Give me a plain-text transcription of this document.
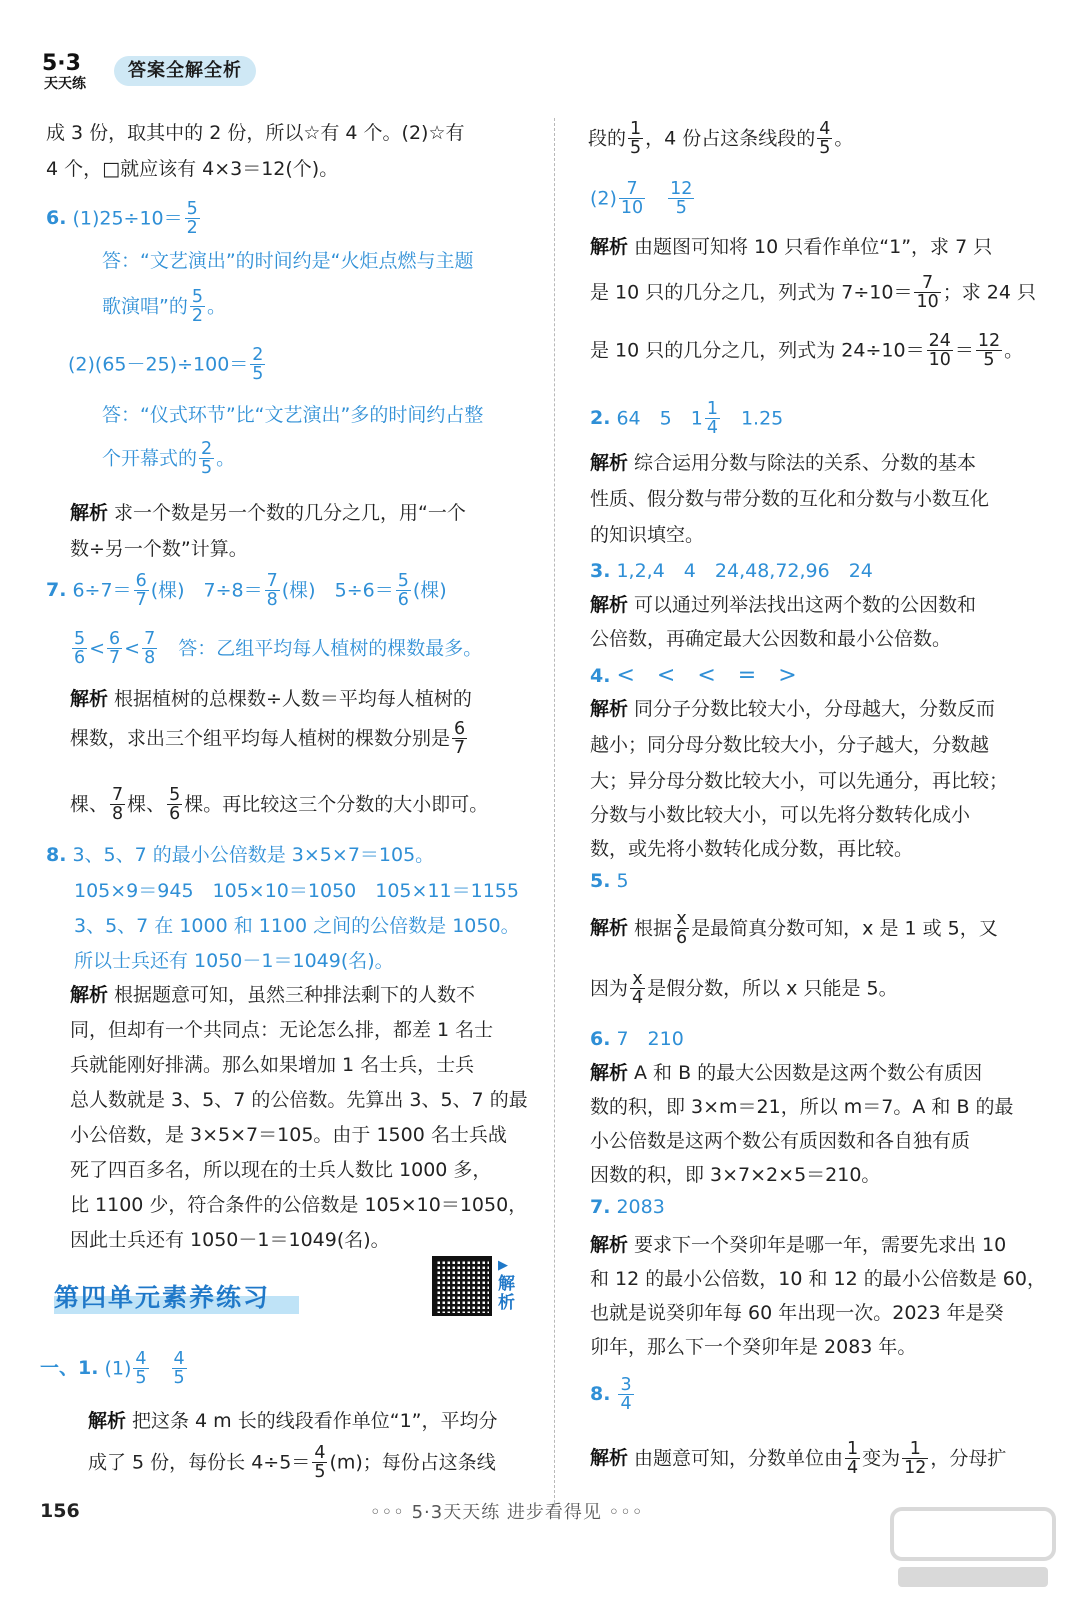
5·3
天天练
答案全解全析
成 3 份，取其中的 2 份，所以☆有 4 个。(2)☆有
4 个，□就应该有 4×3＝12(个)。
6. $(1)25\div 10= \frac{5}{2}$
答：“文艺演出”的时间约是“火炬点燃与主题
歌演唱”的 $\frac{5}{2}$ 。
$(2)(65-25)\div 100= \frac{2}{5}$
答：“仪式环节”比“文艺演出”多的时间约占整
个开幕式的 $\frac{2}{5}$ 。
解析 求一个数是另一个数的几分之几，用“一个
数÷另一个数”计算。
7. $6\div 7= \frac{6}{7}$ (棵)　 $7\div 8= \frac{7}{8}$ (棵)　 $5\div 6= \frac{5}{6}$ (棵)
$\frac{5}{6} < \frac{6}{7} < \frac{7}{8}$
　 答：乙组平均每人植树的棵数最多。
解析 根据植树的总棵数÷人数＝平均每人植树的
棵数，求出三个组平均每人植树的棵数分别是 $\frac{6}{7}$
棵、 $\frac{7}{8}$ 棵、 $\frac{5}{6}$ 棵。再比较这三个分数的大小即可。
8. 3、5、7 的最小公倍数是 3×5×7＝105。
105×9＝945　105×10＝1050　105×11＝1155
3、5、7 在 1000 和 1100 之间的公倍数是 1050。
所以士兵还有 1050－1＝1049(名)。
解析 根据题意可知，虽然三种排法剩下的人数不
同，但却有一个共同点：无论怎么排，都差 1 名士
兵就能刚好排满。那么如果增加 1 名士兵，士兵
总人数就是 3、5、7 的公倍数。先算出 3、5、7 的最
小公倍数，是 3×5×7＝105。由于 1500 名士兵战
死了四百多名，所以现在的士兵人数比 1000 多，
比 1100 少，符合条件的公倍数是 105×10＝1050，
因此士兵还有 1050－1＝1049(名)。
第四单元素养练习
▶
解析
一、1. $(1) \frac{4}{5}$
　 $\frac{4}{5}$
解析 把这条 4 m 长的线段看作单位“1”，平均分
成了 5 份，每份长 $4\div 5= \frac{4}{5} (m)$；每份占这条线
段的 $\frac{1}{5}$ ，4 份占这条线段的 $\frac{4}{5}$ 。
$(2) \frac{7}{10}$
　 $\frac{12}{5}$
解析 由题图可知将 10 只看作单位“1”，求 7 只
是 10 只的几分之几，列式为 $7\div 10= \frac{7}{10}$ ；求 24 只
是 10 只的几分之几，列式为 $24\div 10= \frac{24}{10} = \frac{12}{5}$ 。
2. 64　5　$1 \frac{1}{4}$ 　1.25
解析 综合运用分数与除法的关系、分数的基本
性质、假分数与带分数的互化和分数与小数互化
的知识填空。
3. 1,2,4　4　24,48,72,96　24
解析 可以通过列举法找出这两个数的公因数和
公倍数，再确定最大公因数和最小公倍数。
4. <　<　<　=　>
解析 同分子分数比较大小，分母越大，分数反而
越小；同分母分数比较大小，分子越大，分数越
大；异分母分数比较大小，可以先通分，再比较；
分数与小数比较大小，可以先将分数转化成小
数，或先将小数转化成分数，再比较。
5. 5
解析 根据 $\frac{x}{6}$ 是最简真分数可知，x 是 1 或 5，又
因为 $\frac{x}{4}$ 是假分数，所以 x 只能是 5。
6. 7　210
解析 A 和 B 的最大公因数是这两个数公有质因
数的积，即 3×m＝21，所以 m＝7。A 和 B 的最
小公倍数是这两个数公有质因数和各自独有质
因数的积，即 3×7×2×5＝210。
7. 2083
解析 要求下一个癸卯年是哪一年，需要先求出 10
和 12 的最小公倍数，10 和 12 的最小公倍数是 60，
也就是说癸卯年每 60 年出现一次。2023 年是癸
卯年，那么下一个癸卯年是 2083 年。
8. $\frac{3}{4}$
解析 由题意可知，分数单位由 $\frac{1}{4}$ 变为 $\frac{1}{12}$ ，分母扩
156	◦◦◦ 5·3天天练 进步看得见 ◦◦◦
